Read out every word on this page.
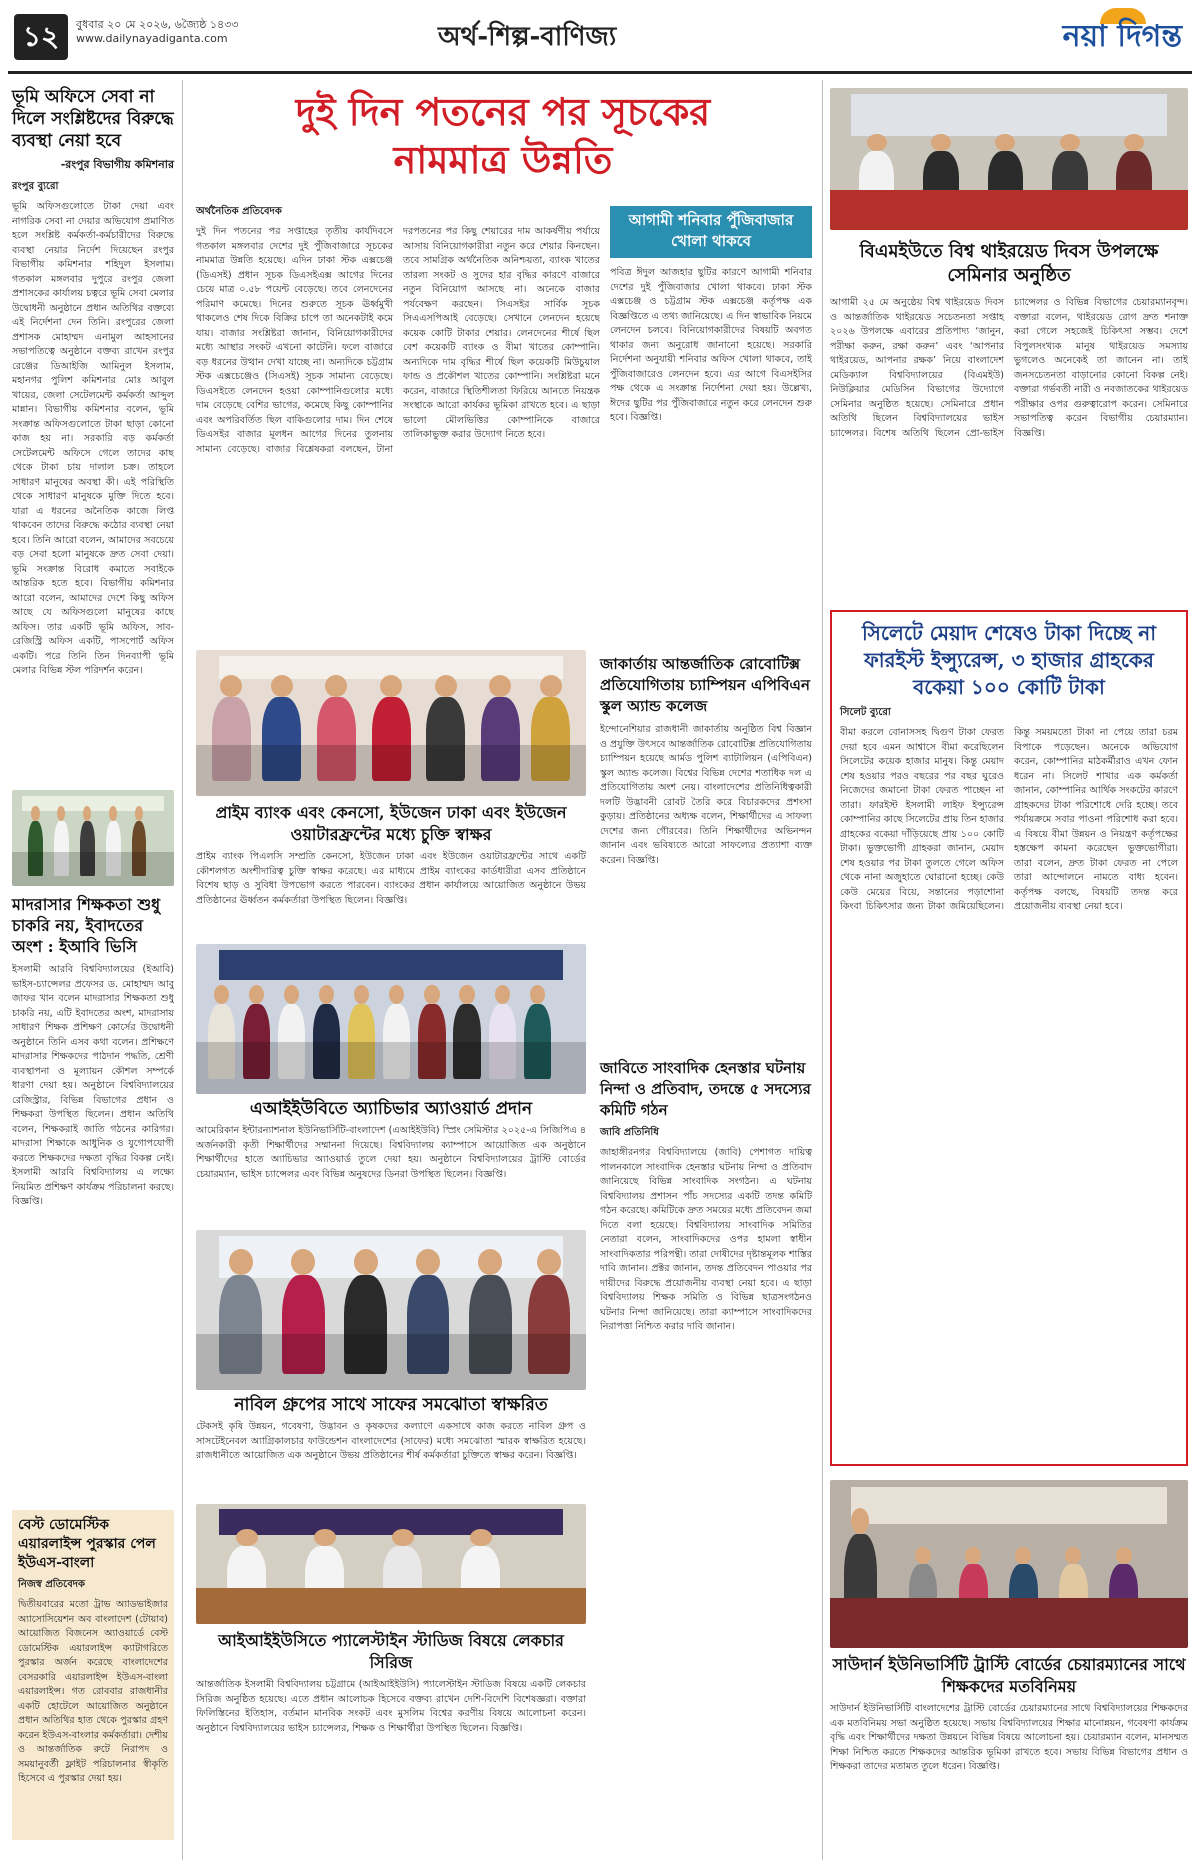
১২	বুধবার ২০ মে ২০২৬, ৬জ্যৈষ্ঠ ১৪৩৩
www.dailynayadiganta.com	অর্থ-শিল্প-বাণিজ্য	নয়া দিগন্ত
ভূমি অফিসে সেবা না দিলে সংশ্লিষ্টদের বিরুদ্ধে ব্যবস্থা নেয়া হবে
-রংপুর বিভাগীয় কমিশনার
রংপুর ব্যুরো
ভূমি অফিসগুলোতে টাকা দেয়া এবং নাগরিক সেবা না দেয়ার অভিযোগ প্রমাণিত হলে সংশ্লিষ্ট কর্মকর্তা-কর্মচারীদের বিরুদ্ধে ব্যবস্থা নেয়ার নির্দেশ দিয়েছেন রংপুর বিভাগীয় কমিশনার শহিদুল ইসলাম। গতকাল মঙ্গলবার দুপুরে রংপুর জেলা প্রশাসকের কার্যালয় চত্বরে ভূমি সেবা মেলার উদ্বোধনী অনুষ্ঠানে প্রধান অতিথির বক্তব্যে এই নির্দেশনা দেন তিনি। রংপুরের জেলা প্রশাসক মোহাম্মদ এনামুল আহসানের সভাপতিত্বে অনুষ্ঠানে বক্তব্য রাখেন রংপুর রেঞ্জের ডিআইজি আমিনুল ইসলাম, মহানগর পুলিশ কমিশনার মোঃ আবুল খায়ের, জেলা সেটেলমেন্ট কর্মকর্তা আব্দুল মান্নান। বিভাগীয় কমিশনার বলেন, ভূমি সংক্রান্ত অফিসগুলোতে টাকা ছাড়া কোনো কাজ হয় না। সরকারি বড় কর্মকর্তা সেটেলমেন্ট অফিসে গেলে তাদের কাছ থেকে টাকা চায় দালাল চক্র। তাহলে সাধারণ মানুষের অবস্থা কী। এই পরিস্থিতি থেকে সাধারণ মানুষকে মুক্তি দিতে হবে। যারা এ ধরনের অনৈতিক কাজে লিপ্ত থাকবেন তাদের বিরুদ্ধে কঠোর ব্যবস্থা নেয়া হবে। তিনি আরো বলেন, আমাদের সবচেয়ে বড় সেবা হলো মানুষকে দ্রুত সেবা দেয়া। ভূমি সংক্রান্ত বিরোধ কমাতে সবাইকে আন্তরিক হতে হবে। বিভাগীয় কমিশনার আরো বলেন, আমাদের দেশে কিছু অফিস আছে যে অফিসগুলো মানুষের কাছে অফিস। তার একটি ভূমি অফিস, সাব-রেজিস্ট্রি অফিস একটি, পাসপোর্ট অফিস একটি। পরে তিনি তিন দিনব্যাপী ভূমি মেলার বিভিন্ন স্টল পরিদর্শন করেন।
মাদরাসার শিক্ষকতা শুধু চাকরি নয়, ইবাদতের অংশ : ইআবি ভিসি
ইসলামী আরবি বিশ্ববিদ্যালয়ের (ইআবি) ভাইস-চ্যান্সেলর প্রফেসর ড. মোহাম্মদ আবু জাফর খান বলেন মাদরাসার শিক্ষকতা শুধু চাকরি নয়, এটি ইবাদতের অংশ, মাদরাসায় সাধারণ শিক্ষক প্রশিক্ষণ কোর্সের উদ্বোধনী অনুষ্ঠানে তিনি এসব কথা বলেন। প্রশিক্ষণে মাদরাসার শিক্ষকদের পাঠদান পদ্ধতি, শ্রেণী ব্যবস্থাপনা ও মূল্যায়ন কৌশল সম্পর্কে ধারণা দেয়া হয়। অনুষ্ঠানে বিশ্ববিদ্যালয়ের রেজিস্ট্রার, বিভিন্ন বিভাগের প্রধান ও শিক্ষকরা উপস্থিত ছিলেন। প্রধান অতিথি বলেন, শিক্ষকরাই জাতি গঠনের কারিগর। মাদরাসা শিক্ষাকে আধুনিক ও যুগোপযোগী করতে শিক্ষকদের দক্ষতা বৃদ্ধির বিকল্প নেই। ইসলামী আরবি বিশ্ববিদ্যালয় এ লক্ষ্যে নিয়মিত প্রশিক্ষণ কার্যক্রম পরিচালনা করছে। বিজ্ঞপ্তি।
বেস্ট ডোমেস্টিক এয়ারলাইন্স পুরস্কার পেল ইউএস-বাংলা
নিজস্ব প্রতিবেদক
দ্বিতীয়বারের মতো ট্রাভ অ্যাডভাইজার অ্যাসোসিয়েশন অব বাংলাদেশ (টোয়াব) আয়োজিত বিজনেস অ্যাওয়ার্ডে বেস্ট ডোমেস্টিক এয়ারলাইন্স ক্যাটাগরিতে পুরস্কার অর্জন করেছে বাংলাদেশের বেসরকারি এয়ারলাইন্স ইউএস-বাংলা এয়ারলাইন্স। গত রোববার রাজধানীর একটি হোটেলে আয়োজিত অনুষ্ঠানে প্রধান অতিথির হাত থেকে পুরস্কার গ্রহণ করেন ইউএস-বাংলার কর্মকর্তারা। দেশীয় ও আন্তর্জাতিক রুটে নিরাপদ ও সময়ানুবর্তী ফ্লাইট পরিচালনার স্বীকৃতি হিসেবে এ পুরস্কার দেয়া হয়।
দুই দিন পতনের পর সূচকের
নামমাত্র উন্নতি
অর্থনৈতিক প্রতিবেদক
দুই দিন পতনের পর সপ্তাহের তৃতীয় কার্যদিবসে গতকাল মঙ্গলবার দেশের দুই পুঁজিবাজারে সূচকের নামমাত্র উন্নতি হয়েছে। এদিন ঢাকা স্টক এক্সচেঞ্জ (ডিএসই) প্রধান সূচক ডিএসইএক্স আগের দিনের চেয়ে মাত্র ০.৫৮ পয়েন্ট বেড়েছে। তবে লেনদেনের পরিমাণ কমেছে। দিনের শুরুতে সূচক ঊর্ধ্বমুখী থাকলেও শেষ দিকে বিক্রির চাপে তা অনেকটাই কমে যায়। বাজার সংশ্লিষ্টরা জানান, বিনিয়োগকারীদের মধ্যে আস্থার সংকট এখনো কাটেনি। ফলে বাজারে বড় ধরনের উত্থান দেখা যাচ্ছে না। অন্যদিকে চট্টগ্রাম স্টক এক্সচেঞ্জেও (সিএসই) সূচক সামান্য বেড়েছে। ডিএসইতে লেনদেন হওয়া কোম্পানিগুলোর মধ্যে দাম বেড়েছে বেশির ভাগের, কমেছে কিছু কোম্পানির এবং অপরিবর্তিত ছিল বাকিগুলোর দাম। দিন শেষে ডিএসইর বাজার মূলধন আগের দিনের তুলনায় সামান্য বেড়েছে। বাজার বিশ্লেষকরা বলছেন, টানা দরপতনের পর কিছু শেয়ারের দাম আকর্ষণীয় পর্যায়ে আসায় বিনিয়োগকারীরা নতুন করে শেয়ার কিনছেন। তবে সামগ্রিক অর্থনৈতিক অনিশ্চয়তা, ব্যাংক খাতের তারল্য সংকট ও সুদের হার বৃদ্ধির কারণে বাজারে নতুন বিনিয়োগ আসছে না। অনেকে বাজার পর্যবেক্ষণ করছেন। সিএসইর সার্বিক সূচক সিএএসপিআই বেড়েছে। সেখানে লেনদেন হয়েছে কয়েক কোটি টাকার শেয়ার। লেনদেনের শীর্ষে ছিল বেশ কয়েকটি ব্যাংক ও বীমা খাতের কোম্পানি। অন্যদিকে দাম বৃদ্ধির শীর্ষে ছিল কয়েকটি মিউচুয়াল ফান্ড ও প্রকৌশল খাতের কোম্পানি। সংশ্লিষ্টরা মনে করেন, বাজারে স্থিতিশীলতা ফিরিয়ে আনতে নিয়ন্ত্রক সংস্থাকে আরো কার্যকর ভূমিকা রাখতে হবে। এ ছাড়া ভালো মৌলভিত্তির কোম্পানিকে বাজারে তালিকাভুক্ত করার উদ্যোগ নিতে হবে।
আগামী শনিবার পুঁজিবাজার খোলা থাকবে
পবিত্র ঈদুল আজহার ছুটির কারণে আগামী শনিবার দেশের দুই পুঁজিবাজার খোলা থাকবে। ঢাকা স্টক এক্সচেঞ্জ ও চট্টগ্রাম স্টক এক্সচেঞ্জ কর্তৃপক্ষ এক বিজ্ঞপ্তিতে এ তথ্য জানিয়েছে। এ দিন স্বাভাবিক নিয়মে লেনদেন চলবে। বিনিয়োগকারীদের বিষয়টি অবগত থাকার জন্য অনুরোধ জানানো হয়েছে। সরকারি নির্দেশনা অনুযায়ী শনিবার অফিস খোলা থাকবে, তাই পুঁজিবাজারেও লেনদেন হবে। এর আগে বিএসইসির পক্ষ থেকে এ সংক্রান্ত নির্দেশনা দেয়া হয়। উল্লেখ্য, ঈদের ছুটির পর পুঁজিবাজারে নতুন করে লেনদেন শুরু হবে। বিজ্ঞপ্তি।
প্রাইম ব্যাংক এবং কেনসো, ইউজেন ঢাকা এবং ইউজেন ওয়াটারফ্রন্টের মধ্যে চুক্তি স্বাক্ষর
প্রাইম ব্যাংক পিএলসি সম্প্রতি কেনসো, ইউজেন ঢাকা এবং ইউজেন ওয়াটারফ্রন্টের সাথে একটি কৌশলগত অংশীদারিত্ব চুক্তি স্বাক্ষর করেছে। এর মাধ্যমে প্রাইম ব্যাংকের কার্ডধারীরা এসব প্রতিষ্ঠানে বিশেষ ছাড় ও সুবিধা উপভোগ করতে পারবেন। ব্যাংকের প্রধান কার্যালয়ে আয়োজিত অনুষ্ঠানে উভয় প্রতিষ্ঠানের ঊর্ধ্বতন কর্মকর্তারা উপস্থিত ছিলেন। বিজ্ঞপ্তি।
এআইইউবিতে অ্যাচিভার অ্যাওয়ার্ড প্রদান
আমেরিকান ইন্টারন্যাশনাল ইউনিভার্সিটি-বাংলাদেশ (এআইইউবি) স্প্রিং সেমিস্টার ২০২৫-এ সিজিপিএ ৪ অর্জনকারী কৃতী শিক্ষার্থীদের সম্মাননা দিয়েছে। বিশ্ববিদ্যালয় ক্যাম্পাসে আয়োজিত এক অনুষ্ঠানে শিক্ষার্থীদের হাতে অ্যাচিভার অ্যাওয়ার্ড তুলে দেয়া হয়। অনুষ্ঠানে বিশ্ববিদ্যালয়ের ট্রাস্টি বোর্ডের চেয়ারম্যান, ভাইস চ্যান্সেলর এবং বিভিন্ন অনুষদের ডিনরা উপস্থিত ছিলেন। বিজ্ঞপ্তি।
নাবিল গ্রুপের সাথে সাফের সমঝোতা স্বাক্ষরিত
টেকসই কৃষি উন্নয়ন, গবেষণা, উদ্ভাবন ও কৃষকদের কল্যাণে একসাথে কাজ করতে নাবিল গ্রুপ ও সাসটেইনেবল অ্যাগ্রিকালচার ফাউন্ডেশন বাংলাদেশের (সাফের) মধ্যে সমঝোতা স্মারক স্বাক্ষরিত হয়েছে। রাজধানীতে আয়োজিত এক অনুষ্ঠানে উভয় প্রতিষ্ঠানের শীর্ষ কর্মকর্তারা চুক্তিতে স্বাক্ষর করেন। বিজ্ঞপ্তি।
আইআইইউসিতে প্যালেস্টাইন স্টাডিজ বিষয়ে লেকচার সিরিজ
আন্তর্জাতিক ইসলামী বিশ্ববিদ্যালয় চট্টগ্রামে (আইআইইউসি) প্যালেস্টাইন স্টাডিজ বিষয়ে একটি লেকচার সিরিজ অনুষ্ঠিত হয়েছে। এতে প্রধান আলোচক হিসেবে বক্তব্য রাখেন দেশি-বিদেশি বিশেষজ্ঞরা। বক্তারা ফিলিস্তিনের ইতিহাস, বর্তমান মানবিক সংকট এবং মুসলিম বিশ্বের করণীয় বিষয়ে আলোচনা করেন। অনুষ্ঠানে বিশ্ববিদ্যালয়ের ভাইস চ্যান্সেলর, শিক্ষক ও শিক্ষার্থীরা উপস্থিত ছিলেন। বিজ্ঞপ্তি।
জাকার্তায় আন্তর্জাতিক রোবোটিক্স প্রতিযোগিতায় চ্যাম্পিয়ন এপিবিএন স্কুল অ্যান্ড কলেজ
ইন্দোনেশিয়ার রাজধানী জাকার্তায় অনুষ্ঠিত বিশ্ব বিজ্ঞান ও প্রযুক্তি উৎসবে আন্তর্জাতিক রোবোটিক্স প্রতিযোগিতায় চ্যাম্পিয়ন হয়েছে আর্মড পুলিশ ব্যাটালিয়ন (এপিবিএন) স্কুল অ্যান্ড কলেজ। বিশ্বের বিভিন্ন দেশের শতাধিক দল এ প্রতিযোগিতায় অংশ নেয়। বাংলাদেশের প্রতিনিধিত্বকারী দলটি উদ্ভাবনী রোবট তৈরি করে বিচারকদের প্রশংসা কুড়ায়। প্রতিষ্ঠানের অধ্যক্ষ বলেন, শিক্ষার্থীদের এ সাফল্য দেশের জন্য গৌরবের। তিনি শিক্ষার্থীদের অভিনন্দন জানান এবং ভবিষ্যতে আরো সাফল্যের প্রত্যাশা ব্যক্ত করেন। বিজ্ঞপ্তি।
জাবিতে সাংবাদিক হেনস্তার ঘটনায় নিন্দা ও প্রতিবাদ, তদন্তে ৫ সদস্যের কমিটি গঠন
জাবি প্রতিনিধি
জাহাঙ্গীরনগর বিশ্ববিদ্যালয়ে (জাবি) পেশাগত দায়িত্ব পালনকালে সাংবাদিক হেনস্তার ঘটনায় নিন্দা ও প্রতিবাদ জানিয়েছে বিভিন্ন সাংবাদিক সংগঠন। এ ঘটনায় বিশ্ববিদ্যালয় প্রশাসন পাঁচ সদস্যের একটি তদন্ত কমিটি গঠন করেছে। কমিটিকে দ্রুত সময়ের মধ্যে প্রতিবেদন জমা দিতে বলা হয়েছে। বিশ্ববিদ্যালয় সাংবাদিক সমিতির নেতারা বলেন, সাংবাদিকদের ওপর হামলা স্বাধীন সাংবাদিকতার পরিপন্থী। তারা দোষীদের দৃষ্টান্তমূলক শাস্তির দাবি জানান। প্রক্টর জানান, তদন্ত প্রতিবেদন পাওয়ার পর দায়ীদের বিরুদ্ধে প্রয়োজনীয় ব্যবস্থা নেয়া হবে। এ ছাড়া বিশ্ববিদ্যালয় শিক্ষক সমিতি ও বিভিন্ন ছাত্রসংগঠনও ঘটনার নিন্দা জানিয়েছে। তারা ক্যাম্পাসে সাংবাদিকদের নিরাপত্তা নিশ্চিত করার দাবি জানান।
বিএমইউতে বিশ্ব থাইরয়েড দিবস উপলক্ষে সেমিনার অনুষ্ঠিত
আগামী ২৫ মে অনুষ্ঠেয় বিশ্ব থাইরয়েড দিবস ও আন্তর্জাতিক থাইরয়েড সচেতনতা সপ্তাহ ২০২৬ উপলক্ষে এবারের প্রতিপাদ্য ‘জানুন, পরীক্ষা করুন, রক্ষা করুন’ এবং ‘আপনার থাইরয়েড, আপনার রক্ষক’ নিয়ে বাংলাদেশ মেডিক্যাল বিশ্ববিদ্যালয়ের (বিএমইউ) নিউক্লিয়ার মেডিসিন বিভাগের উদ্যোগে সেমিনার অনুষ্ঠিত হয়েছে। সেমিনারে প্রধান অতিথি ছিলেন বিশ্ববিদ্যালয়ের ভাইস চ্যান্সেলর। বিশেষ অতিথি ছিলেন প্রো-ভাইস চ্যান্সেলর ও বিভিন্ন বিভাগের চেয়ারম্যানবৃন্দ। বক্তারা বলেন, থাইরয়েড রোগ দ্রুত শনাক্ত করা গেলে সহজেই চিকিৎসা সম্ভব। দেশে বিপুলসংখ্যক মানুষ থাইরয়েড সমস্যায় ভুগলেও অনেকেই তা জানেন না। তাই জনসচেতনতা বাড়ানোর কোনো বিকল্প নেই। বক্তারা গর্ভবতী নারী ও নবজাতকের থাইরয়েড পরীক্ষার ওপর গুরুত্বারোপ করেন। সেমিনারে সভাপতিত্ব করেন বিভাগীয় চেয়ারম্যান। বিজ্ঞপ্তি।
সিলেটে মেয়াদ শেষেও টাকা দিচ্ছে না ফারইস্ট ইন্স্যুরেন্স, ৩ হাজার গ্রাহকের বকেয়া ১০০ কোটি টাকা
সিলেট ব্যুরো
বীমা করলে বোনাসসহ দ্বিগুণ টাকা ফেরত দেয়া হবে এমন আশ্বাসে বীমা করেছিলেন সিলেটের কয়েক হাজার মানুষ। কিন্তু মেয়াদ শেষ হওয়ার পরও বছরের পর বছর ঘুরেও নিজেদের জমানো টাকা ফেরত পাচ্ছেন না তারা। ফারইস্ট ইসলামী লাইফ ইন্স্যুরেন্স কোম্পানির কাছে সিলেটের প্রায় তিন হাজার গ্রাহকের বকেয়া দাঁড়িয়েছে প্রায় ১০০ কোটি টাকা। ভুক্তভোগী গ্রাহকরা জানান, মেয়াদ শেষ হওয়ার পর টাকা তুলতে গেলে অফিস থেকে নানা অজুহাতে ঘোরানো হচ্ছে। কেউ কেউ মেয়ের বিয়ে, সন্তানের পড়াশোনা কিংবা চিকিৎসার জন্য টাকা জমিয়েছিলেন। কিন্তু সময়মতো টাকা না পেয়ে তারা চরম বিপাকে পড়েছেন। অনেকে অভিযোগ করেন, কোম্পানির মাঠকর্মীরাও এখন ফোন ধরেন না। সিলেট শাখার এক কর্মকর্তা জানান, কোম্পানির আর্থিক সংকটের কারণে গ্রাহকদের টাকা পরিশোধে দেরি হচ্ছে। তবে পর্যায়ক্রমে সবার পাওনা পরিশোধ করা হবে। এ বিষয়ে বীমা উন্নয়ন ও নিয়ন্ত্রণ কর্তৃপক্ষের হস্তক্ষেপ কামনা করেছেন ভুক্তভোগীরা। তারা বলেন, দ্রুত টাকা ফেরত না পেলে তারা আন্দোলনে নামতে বাধ্য হবেন। কর্তৃপক্ষ বলছে, বিষয়টি তদন্ত করে প্রয়োজনীয় ব্যবস্থা নেয়া হবে।
সাউদার্ন ইউনিভার্সিটি ট্রাস্টি বোর্ডের চেয়ারম্যানের সাথে শিক্ষকদের মতবিনিময়
সাউদার্ন ইউনিভার্সিটি বাংলাদেশের ট্রাস্টি বোর্ডের চেয়ারম্যানের সাথে বিশ্ববিদ্যালয়ের শিক্ষকদের এক মতবিনিময় সভা অনুষ্ঠিত হয়েছে। সভায় বিশ্ববিদ্যালয়ের শিক্ষার মানোন্নয়ন, গবেষণা কার্যক্রম বৃদ্ধি এবং শিক্ষার্থীদের দক্ষতা উন্নয়নে বিভিন্ন বিষয়ে আলোচনা হয়। চেয়ারম্যান বলেন, মানসম্মত শিক্ষা নিশ্চিত করতে শিক্ষকদের আন্তরিক ভূমিকা রাখতে হবে। সভায় বিভিন্ন বিভাগের প্রধান ও শিক্ষকরা তাদের মতামত তুলে ধরেন। বিজ্ঞপ্তি।
